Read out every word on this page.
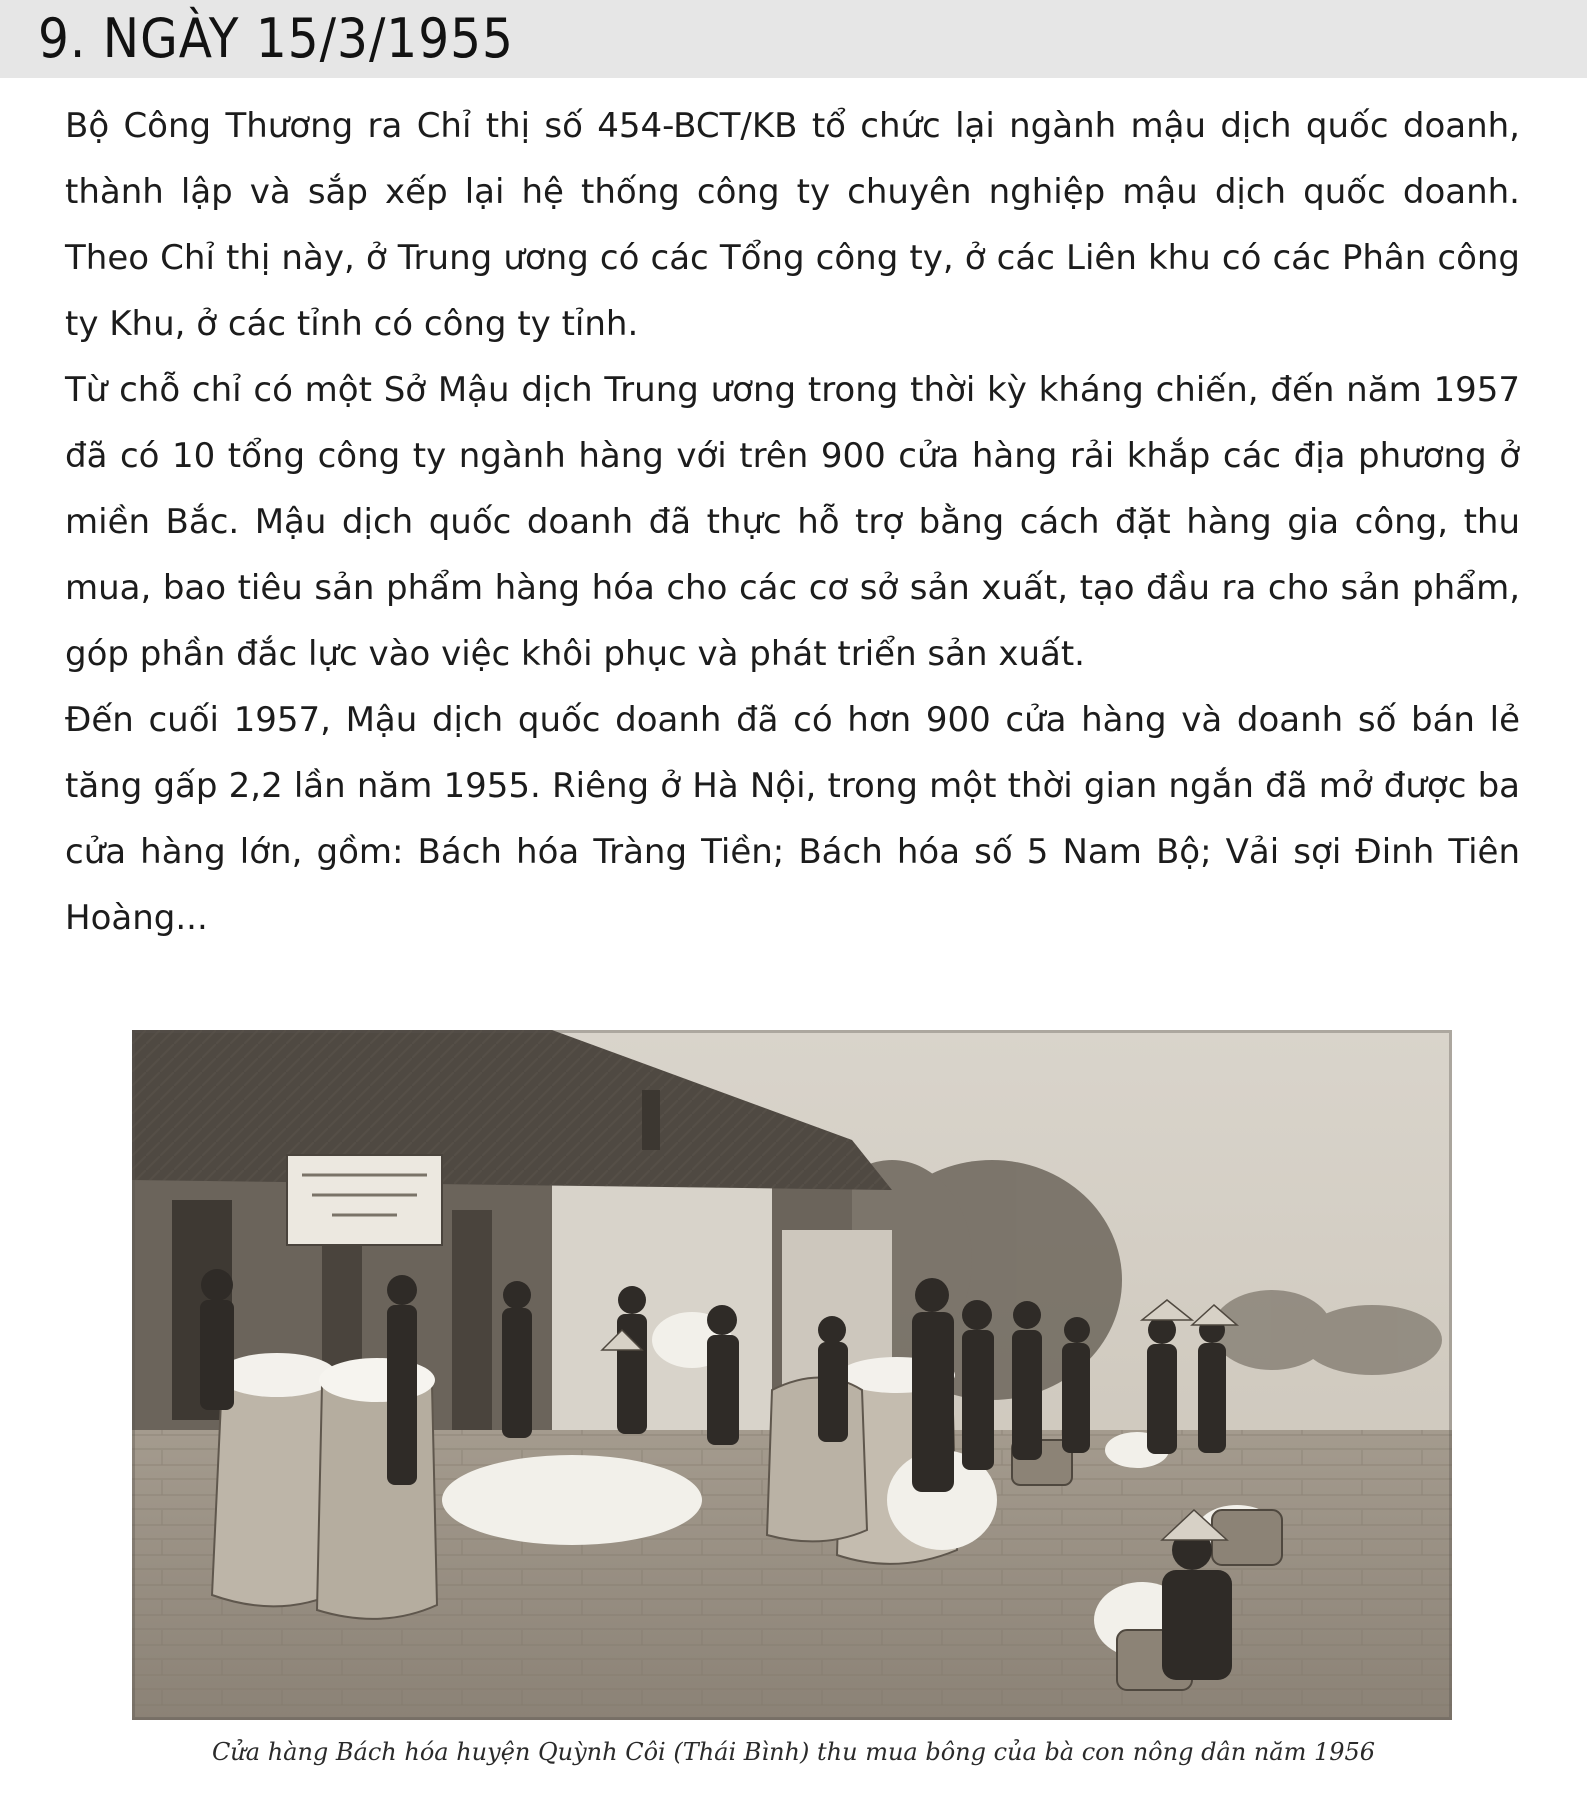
9. NGÀY 15/3/1955

Bộ Công Thương ra Chỉ thị số 454-BCT/KB tổ chức lại ngành mậu dịch quốc doanh, thành lập và sắp xếp lại hệ thống công ty chuyên nghiệp mậu dịch quốc doanh. Theo Chỉ thị này, ở Trung ương có các Tổng công ty, ở các Liên khu có các Phân công ty Khu, ở các tỉnh có công ty tỉnh.

Từ chỗ chỉ có một Sở Mậu dịch Trung ương trong thời kỳ kháng chiến, đến năm 1957 đã có 10 tổng công ty ngành hàng với trên 900 cửa hàng rải khắp các địa phương ở miền Bắc. Mậu dịch quốc doanh đã thực hỗ trợ bằng cách đặt hàng gia công, thu mua, bao tiêu sản phẩm hàng hóa cho các cơ sở sản xuất, tạo đầu ra cho sản phẩm, góp phần đắc lực vào việc khôi phục và phát triển sản xuất.

Đến cuối 1957, Mậu dịch quốc doanh đã có hơn 900 cửa hàng và doanh số bán lẻ tăng gấp 2,2 lần năm 1955. Riêng ở Hà Nội, trong một thời gian ngắn đã mở được ba cửa hàng lớn, gồm: Bách hóa Tràng Tiền; Bách hóa số 5 Nam Bộ; Vải sợi Đinh Tiên Hoàng...

Cửa hàng Bách hóa huyện Quỳnh Côi (Thái Bình) thu mua bông của bà con nông dân năm 1956
